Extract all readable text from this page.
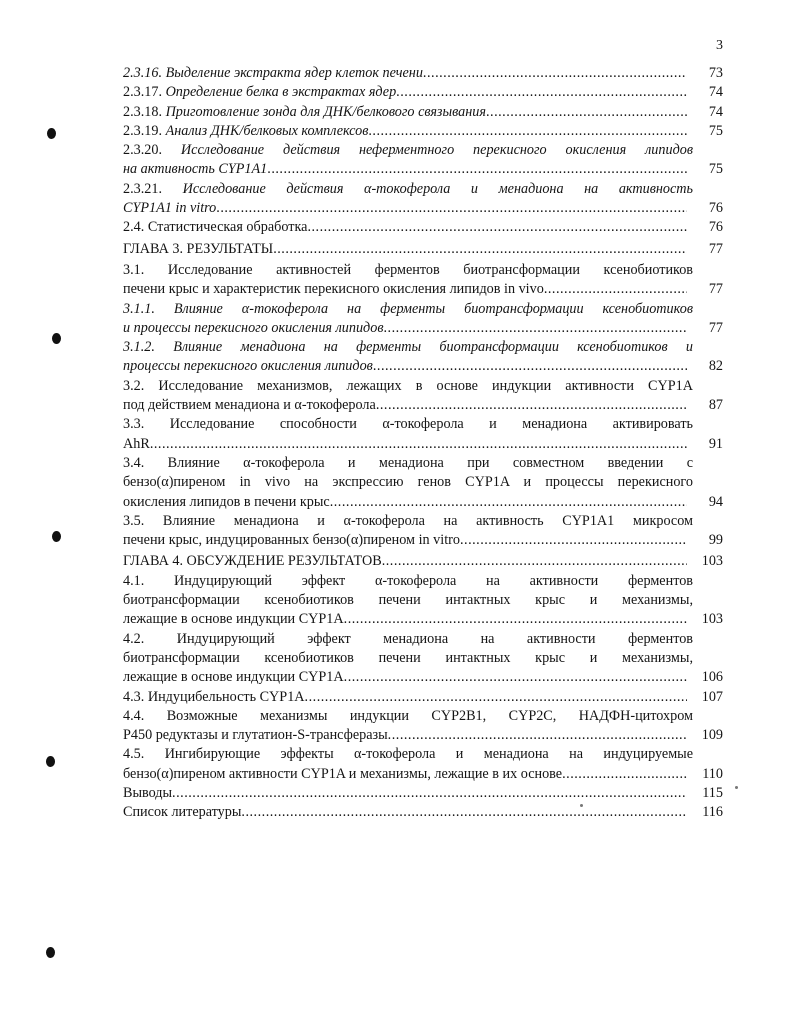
3
2.3.16. Выделение экстракта ядер клеток печени .....	73
2.3.17. Определение белка в экстрактах ядер .....	74
2.3.18. Приготовление зонда для ДНК/белкового связывания .....	74
2.3.19. Анализ ДНК/белковых комплексов .....	75
2.3.20. Исследование действия неферментного перекисного окисления липидов
на активность CYP1A1 .....	75
2.3.21. Исследование действия α-токоферола и менадиона на активность
CYP1A1 in vitro .....	76
2.4. Статистическая обработка .....	76
ГЛАВА 3. РЕЗУЛЬТАТЫ .....	77
3.1. Исследование активностей ферментов биотрансформации ксенобиотиков
печени крыс и характеристик перекисного окисления липидов in vivo .....	77
3.1.1. Влияние α-токоферола на ферменты биотрансформации ксенобиотиков
и процессы перекисного окисления липидов .....	77
3.1.2. Влияние менадиона на ферменты биотрансформации ксенобиотиков и
процессы перекисного окисления липидов .....	82
3.2. Исследование механизмов, лежащих в основе индукции активности CYP1A
под действием менадиона и α-токоферола .....	87
3.3. Исследование способности α-токоферола и менадиона активировать
AhR .....	91
3.4. Влияние α-токоферола и менадиона при совместном введении с
бензо(α)пиреном in vivo на экспрессию генов CYP1A и процессы перекисного
окисления липидов в печени крыс .....	94
3.5. Влияние менадиона и α-токоферола на активность CYP1A1 микросом
печени крыс, индуцированных бензо(α)пиреном in vitro .....	99
ГЛАВА 4. ОБСУЖДЕНИЕ РЕЗУЛЬТАТОВ .....	103
4.1. Индуцирующий эффект α-токоферола на активности ферментов
биотрансформации ксенобиотиков печени интактных крыс и механизмы,
лежащие в основе индукции CYP1A .....	103
4.2. Индуцирующий эффект менадиона на активности ферментов
биотрансформации ксенобиотиков печени интактных крыс и механизмы,
лежащие в основе индукции CYP1A .....	106
4.3. Индуцибельность CYP1A .....	107
4.4. Возможные механизмы индукции CYP2B1, CYP2C, НАДФН-цитохром
P450 редуктазы и глутатион-S-трансферазы .....	109
4.5. Ингибирующие эффекты α-токоферола и менадиона на индуцируемые
бензо(α)пиреном активности CYP1A и механизмы, лежащие в их основе .....	110
Выводы .....	115
Список литературы .....	116
